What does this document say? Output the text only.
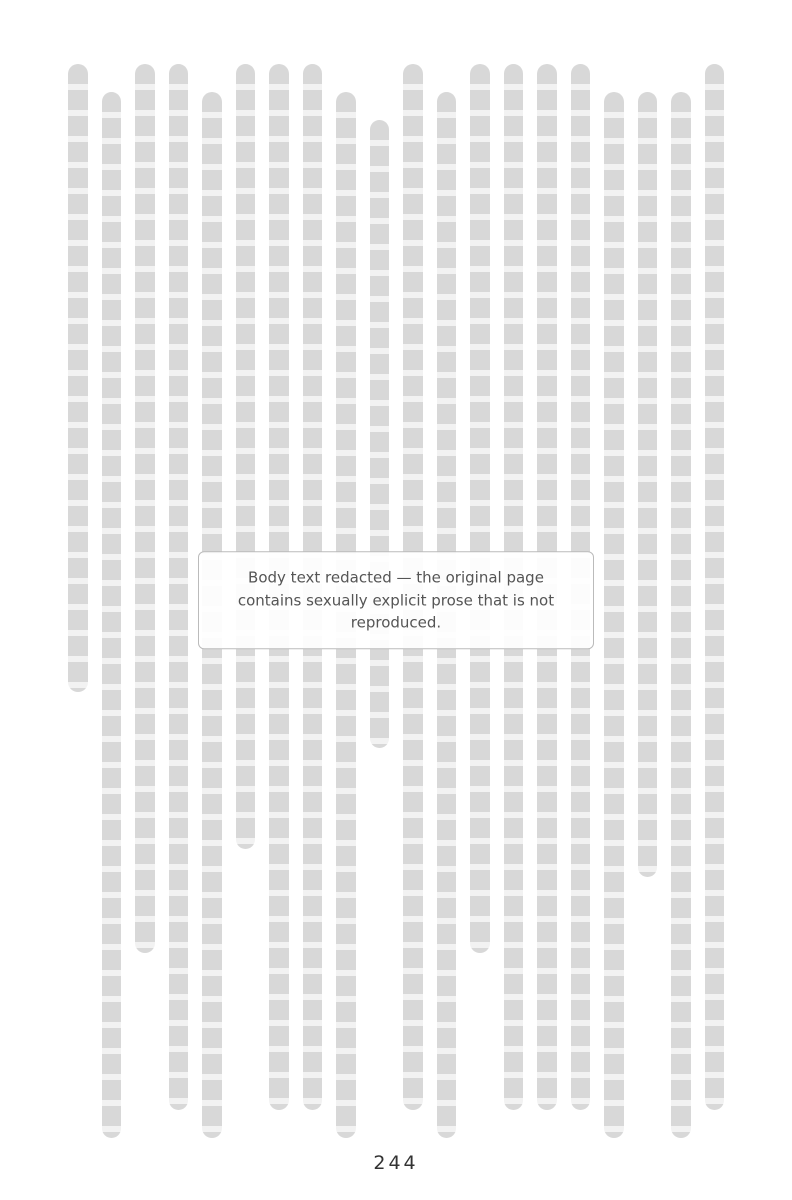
Body text redacted — the original page contains sexually explicit prose that is not reproduced.
244
